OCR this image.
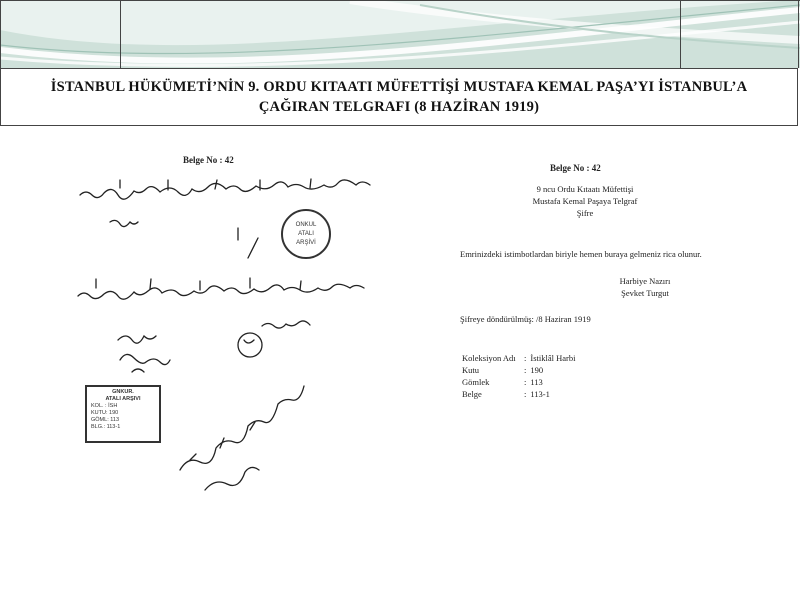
İSTANBUL HÜKÜMETİ’NİN 9. ORDU KITAATI MÜFETTİŞİ MUSTAFA KEMAL PAŞA’YI İSTANBUL’A ÇAĞIRAN TELGRAFI (8 HAZİRAN 1919)
Belge No : 42
ONKUL
ATALI
ARŞİVİ
GNKUR.
ATALI ARŞIVI
KOL. : İSH
KUTU: 190
GÖML: 113
BLG.: 113-1
Belge No : 42
9 ncu Ordu Kıtaatı Müfettişi
Mustafa Kemal Paşaya Telgraf
Şifre
Emrinizdeki istimbotlardan biriyle hemen buraya gelmeniz rica olunur.
Harbiye Nazırı
Şevket Turgut
Şifreye döndürülmüş: /8 Haziran 1919
Koleksiyon Adı	:	İstiklâl Harbi
Kutu	:	190
Gömlek	:	113
Belge	:	113-1
